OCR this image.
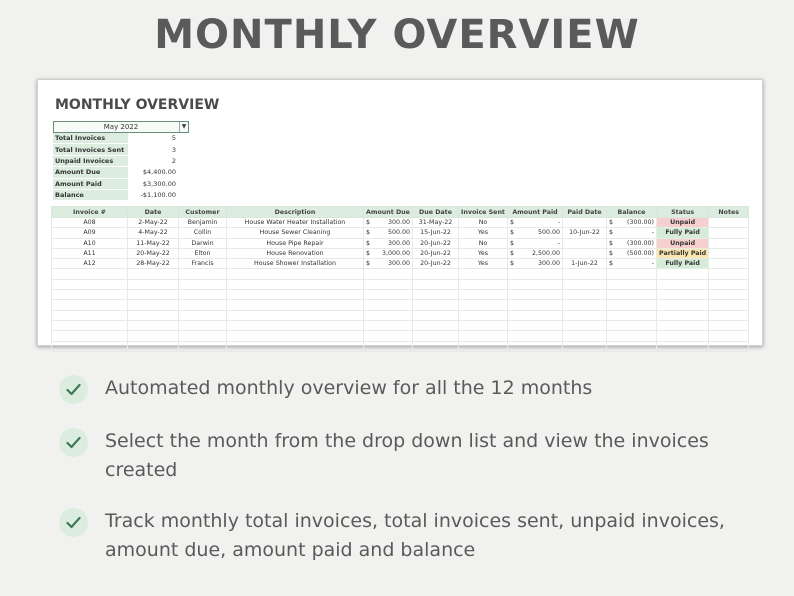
MONTHLY OVERVIEW
MONTHLY OVERVIEW
May 2022	▼
Total Invoices	5
Total Invoices Sent	3
Unpaid Invoices	2
Amount Due	$4,400.00
Amount Paid	$3,300.00
Balance	-$1,100.00
Invoice #	Date	Customer	Description	Amount Due	Due Date	Invoice Sent	Amount Paid	Paid Date	Balance	Status	Notes
A08	2-May-22	Benjamin	House Water Heater Installation	$ 300.00	31-May-22	No	$ -		$ (300.00)	Unpaid	
A09	4-May-22	Collin	House Sewer Cleaning	$ 500.00	15-Jun-22	Yes	$ 500.00	10-Jun-22	$ -	Fully Paid	
A10	11-May-22	Darwin	House Pipe Repair	$ 300.00	20-Jun-22	No	$ -		$ (300.00)	Unpaid	
A11	20-May-22	Elton	House Renovation	$ 3,000.00	20-Jun-22	Yes	$ 2,500.00		$ (500.00)	Partially Paid	
A12	28-May-22	Francis	House Shower Installation	$ 300.00	20-Jun-22	Yes	$ 300.00	1-Jun-22	$ -	Fully Paid	

Automated monthly overview for all the 12 months
Select the month from the drop down list and view the invoices created
Track monthly total invoices, total invoices sent, unpaid invoices, amount due, amount paid and balance
